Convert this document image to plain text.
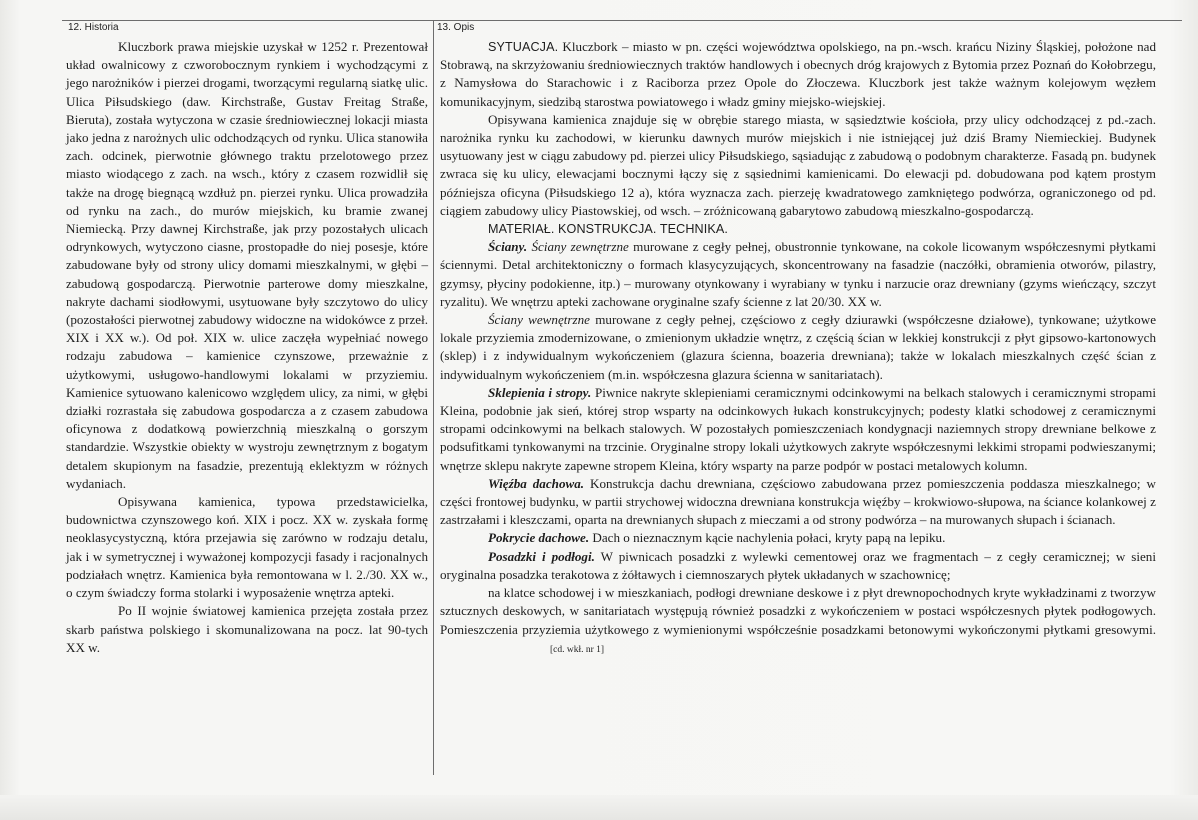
12. Historia	13. Opis

Kluczbork prawa miejskie uzyskał w 1252 r. Prezentował układ owalnicowy z czworobocznym rynkiem i wychodzącymi z jego narożników i pierzei drogami, tworzącymi regularną siatkę ulic. Ulica Piłsudskiego (daw. Kirchstraße, Gustav Freitag Straße, Bieruta), została wytyczona w czasie średniowiecznej lokacji miasta jako jedna z narożnych ulic odchodzących od rynku. Ulica stanowiła zach. odcinek, pierwotnie głównego traktu przelotowego przez miasto wiodącego z zach. na wsch., który z czasem rozwidlił się także na drogę biegnącą wzdłuż pn. pierzei rynku. Ulica prowadziła od rynku na zach., do murów miejskich, ku bramie zwanej Niemiecką. Przy dawnej Kirchstraße, jak przy pozostałych ulicach odrynkowych, wytyczono ciasne, prostopadłe do niej posesje, które zabudowane były od strony ulicy domami mieszkalnymi, w głębi – zabudową gospodarczą. Pierwotnie parterowe domy mieszkalne, nakryte dachami siodłowymi, usytuowane były szczytowo do ulicy (pozostałości pierwotnej zabudowy widoczne na widokówce z przeł. XIX i XX w.). Od poł. XIX w. ulice zaczęła wypełniać nowego rodzaju zabudowa – kamienice czynszowe, przeważnie z użytkowymi, usługowo-handlowymi lokalami w przyziemiu. Kamienice sytuowano kalenicowo względem ulicy, za nimi, w głębi działki rozrastała się zabudowa gospodarcza a z czasem zabudowa oficynowa z dodatkową powierzchnią mieszkalną o gorszym standardzie. Wszystkie obiekty w wystroju zewnętrznym z bogatym detalem skupionym na fasadzie, prezentują eklektyzm w różnych wydaniach.

Opisywana kamienica, typowa przedstawicielka, budownictwa czynszowego koń. XIX i pocz. XX w. zyskała formę neoklasycystyczną, która przejawia się zarówno w rodzaju detalu, jak i w symetrycznej i wyważonej kompozycji fasady i racjonalnych podziałach wnętrz. Kamienica była remontowana w l. 2./30. XX w., o czym świadczy forma stolarki i wyposażenie wnętrza apteki.

Po II wojnie światowej kamienica przejęta została przez skarb państwa polskiego i skomunalizowana na pocz. lat 90-tych XX w.

SYTUACJA. Kluczbork – miasto w pn. części województwa opolskiego, na pn.-wsch. krańcu Niziny Śląskiej, położone nad Stobrawą, na skrzyżowaniu średniowiecznych traktów handlowych i obecnych dróg krajowych z Bytomia przez Poznań do Kołobrzegu, z Namysłowa do Starachowic i z Raciborza przez Opole do Złoczewa. Kluczbork jest także ważnym kolejowym węzłem komunikacyjnym, siedzibą starostwa powiatowego i władz gminy miejsko-wiejskiej.

Opisywana kamienica znajduje się w obrębie starego miasta, w sąsiedztwie kościoła, przy ulicy odchodzącej z pd.-zach. narożnika rynku ku zachodowi, w kierunku dawnych murów miejskich i nie istniejącej już dziś Bramy Niemieckiej. Budynek usytuowany jest w ciągu zabudowy pd. pierzei ulicy Piłsudskiego, sąsiadując z zabudową o podobnym charakterze. Fasadą pn. budynek zwraca się ku ulicy, elewacjami bocznymi łączy się z sąsiednimi kamienicami. Do elewacji pd. dobudowana pod kątem prostym późniejsza oficyna (Piłsudskiego 12 a), która wyznacza zach. pierzeję kwadratowego zamkniętego podwórza, ograniczonego od pd. ciągiem zabudowy ulicy Piastowskiej, od wsch. – zróżnicowaną gabarytowo zabudową mieszkalno-gospodarczą.

MATERIAŁ. KONSTRUKCJA. TECHNIKA.

Ściany. Ściany zewnętrzne murowane z cegły pełnej, obustronnie tynkowane, na cokole licowanym współczesnymi płytkami ściennymi. Detal architektoniczny o formach klasycyzujących, skoncentrowany na fasadzie (naczółki, obramienia otworów, pilastry, gzymsy, płyciny podokienne, itp.) – murowany otynkowany i wyrabiany w tynku i narzucie oraz drewniany (gzyms wieńczący, szczyt ryzalitu). We wnętrzu apteki zachowane oryginalne szafy ścienne z lat 20/30. XX w.

Ściany wewnętrzne murowane z cegły pełnej, częściowo z cegły dziurawki (współczesne działowe), tynkowane; użytkowe lokale przyziemia zmodernizowane, o zmienionym układzie wnętrz, z częścią ścian w lekkiej konstrukcji z płyt gipsowo-kartonowych (sklep) i z indywidualnym wykończeniem (glazura ścienna, boazeria drewniana); także w lokalach mieszkalnych część ścian z indywidualnym wykończeniem (m.in. współczesna glazura ścienna w sanitariatach).

Sklepienia i stropy. Piwnice nakryte sklepieniami ceramicznymi odcinkowymi na belkach stalowych i ceramicznymi stropami Kleina, podobnie jak sień, której strop wsparty na odcinkowych łukach konstrukcyjnych; podesty klatki schodowej z ceramicznymi stropami odcinkowymi na belkach stalowych. W pozostałych pomieszczeniach kondygnacji naziemnych stropy drewniane belkowe z podsufitkami tynkowanymi na trzcinie. Oryginalne stropy lokali użytkowych zakryte współczesnymi lekkimi stropami podwieszanymi; wnętrze sklepu nakryte zapewne stropem Kleina, który wsparty na parze podpór w postaci metalowych kolumn.

Więźba dachowa. Konstrukcja dachu drewniana, częściowo zabudowana przez pomieszczenia poddasza mieszkalnego; w części frontowej budynku, w partii strychowej widoczna drewniana konstrukcja więźby – krokwiowo-słupowa, na ściance kolankowej z zastrzałami i kleszczami, oparta na drewnianych słupach z mieczami a od strony podwórza – na murowanych słupach i ścianach.

Pokrycie dachowe. Dach o nieznacznym kącie nachylenia połaci, kryty papą na lepiku.

Posadzki i podłogi. W piwnicach posadzki z wylewki cementowej oraz we fragmentach – z cegły ceramicznej; w sieni oryginalna posadzka terakotowa z żółtawych i ciemnoszarych płytek układanych w szachownicę;

na klatce schodowej i w mieszkaniach, podłogi drewniane deskowe i z płyt drewnopochodnych kryte wykładzinami z tworzyw sztucznych deskowych, w sanitariatach występują również posadzki z wykończeniem w postaci współczesnych płytek podłogowych. Pomieszczenia przyziemia użytkowego z wymienionymi współcześnie posadzkami betonowymi wykończonymi płytkami gresowymi.[cd. wkł. nr 1]
